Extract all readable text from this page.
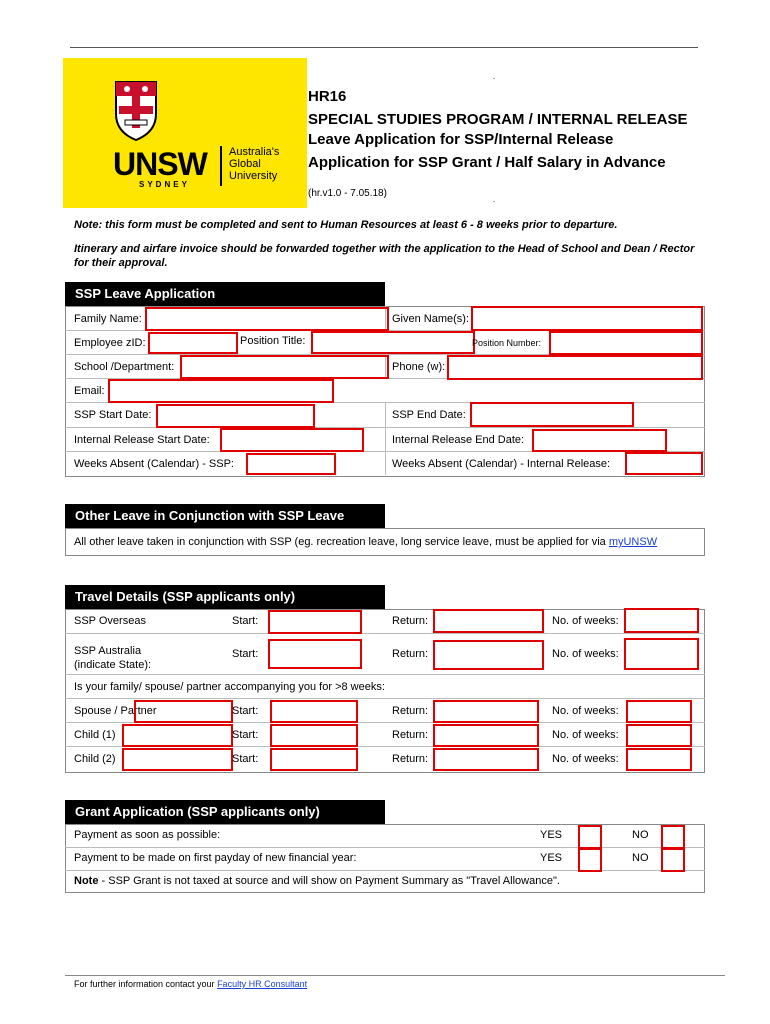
UNSW
SYDNEY
Australia's Global University
.
HR16
SPECIAL STUDIES PROGRAM / INTERNAL RELEASE
Leave Application for SSP/Internal Release
Application for SSP Grant / Half Salary in Advance
(hr.v1.0 - 7.05.18)
.
Note: this form must be completed and sent to Human Resources at least 6 - 8 weeks prior to departure.
Itinerary and airfare invoice should be forwarded together with the application to the Head of School and Dean / Rector for their approval.
SSP Leave Application
Family Name:	Given Name(s):
Employee zID:	Position Title:	Position Number:
School /Department:	Phone (w):
Email:
SSP Start Date:	SSP End Date:
Internal Release Start Date:	Internal Release End Date:
Weeks Absent (Calendar) - SSP:	Weeks Absent (Calendar) - Internal Release:
Other Leave in Conjunction with SSP Leave
All other leave taken in conjunction with SSP (eg. recreation leave, long service leave, must be applied for via myUNSW
Travel Details (SSP applicants only)
SSP Overseas	Start:	Return:	No. of weeks:
SSP Australia
(indicate State):
Start:	Return:	No. of weeks:
Is your family/ spouse/ partner accompanying you for >8 weeks:
Spouse / Partner	Start:	Return:	No. of weeks:
Child (1)	Start:	Return:	No. of weeks:
Child (2)	Start:	Return:	No. of weeks:
Grant Application (SSP applicants only)
Payment as soon as possible:	YES	NO
Payment to be made on first payday of new financial year:	YES	NO
Note - SSP Grant is not taxed at source and will show on Payment Summary as "Travel Allowance".
For further information contact your Faculty HR Consultant
